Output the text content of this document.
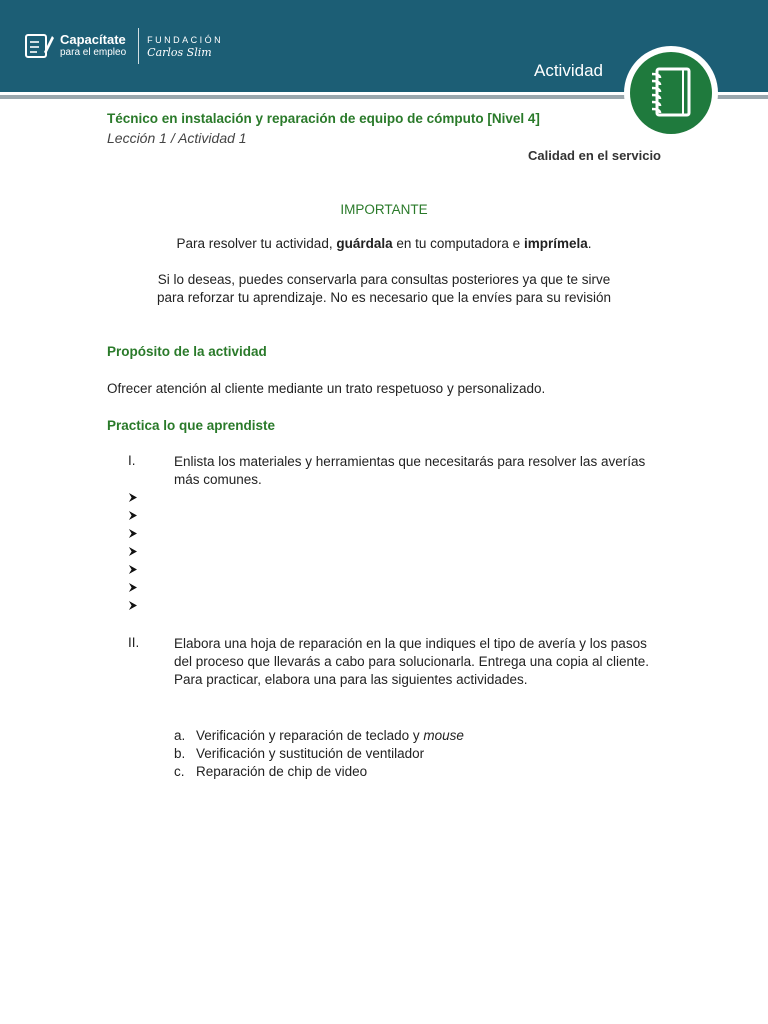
Capacítate
para el empleo
FUNDACIÓN
Carlos Slim
Actividad
Técnico en instalación y reparación de equipo de cómputo [Nivel 4]
Lección 1 / Actividad 1
Calidad en el servicio
IMPORTANTE
Para resolver tu actividad, guárdala en tu computadora e imprímela.
Si lo deseas, puedes conservarla para consultas posteriores ya que te sirve
para reforzar tu aprendizaje. No es necesario que la envíes para su revisión
Propósito de la actividad
Ofrecer atención al cliente mediante un trato respetuoso y personalizado.
Practica lo que aprendiste
I.	Enlista los materiales y herramientas que necesitarás para resolver las averías más comunes.
II.	Elabora una hoja de reparación en la que indiques el tipo de avería y los pasos del proceso que llevarás a cabo para solucionarla. Entrega una copia al cliente. Para practicar, elabora una para las siguientes actividades.
a. Verificación y reparación de teclado y mouse
b. Verificación y sustitución de ventilador
c. Reparación de chip de video
